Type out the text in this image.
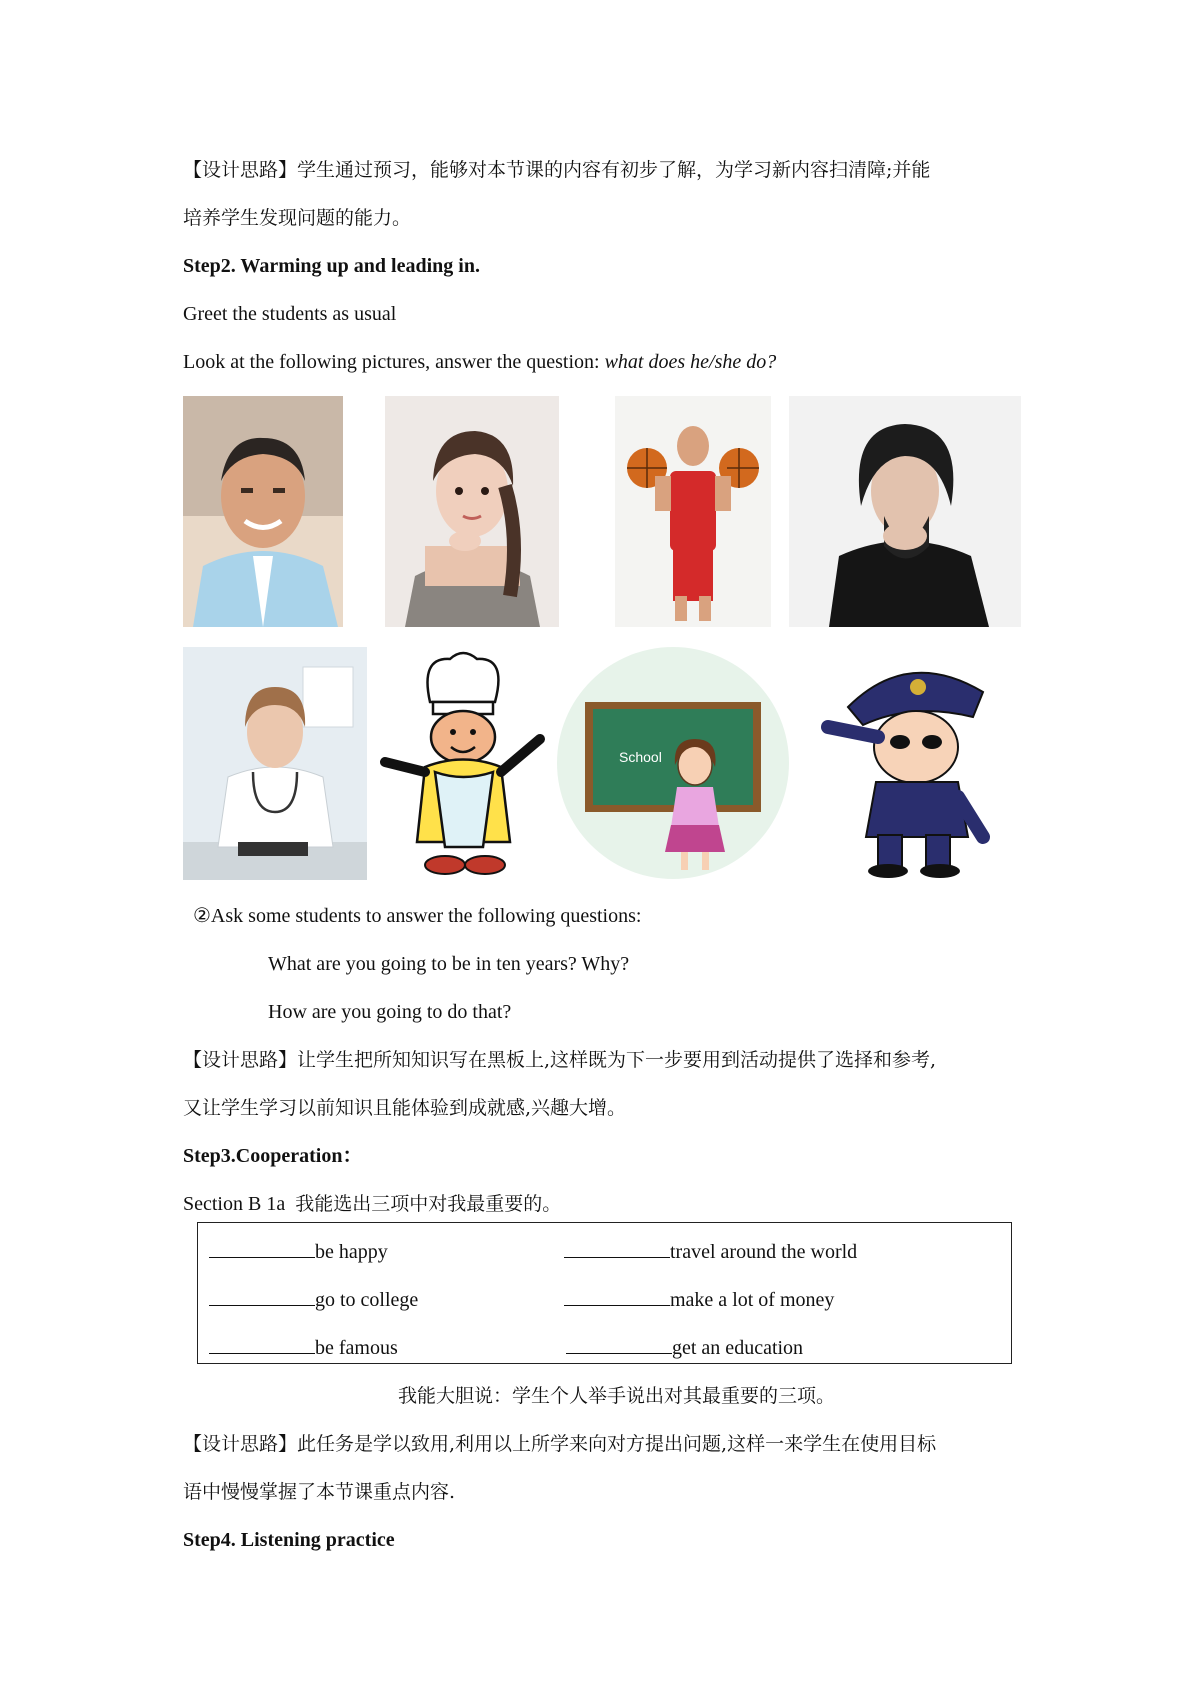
【设计思路】学生通过预习，能够对本节课的内容有初步了解，为学习新内容扫清障;并能
培养学生发现问题的能力。
Step2. Warming up and leading in.
Greet the students as usual
Look at the following pictures, answer the question: what does he/she do?
School
②Ask some students to answer the following questions:
What are you going to be in ten years? Why?
How are you going to do that?
【设计思路】让学生把所知知识写在黑板上,这样既为下一步要用到活动提供了选择和参考,
又让学生学习以前知识且能体验到成就感,兴趣大增。
Step3.Cooperation：
Section B 1a 我能选出三项中对我最重要的。
be happy	travel around the world
go to college	make a lot of money
be famous	get an education
我能大胆说：学生个人举手说出对其最重要的三项。
【设计思路】此任务是学以致用,利用以上所学来向对方提出问题,这样一来学生在使用目标
语中慢慢掌握了本节课重点内容.
Step4. Listening practice
